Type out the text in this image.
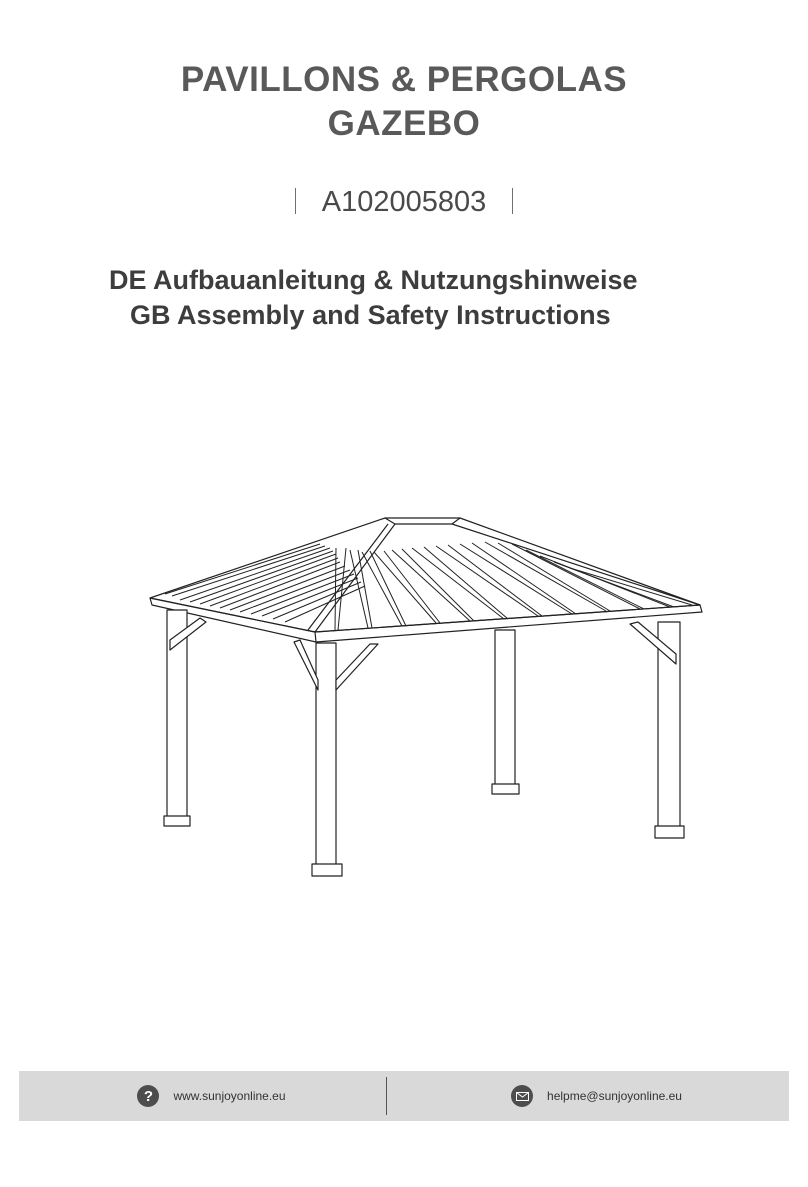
PAVILLONS & PERGOLAS
GAZEBO
A102005803
DE Aufbauanleitung & Nutzungshinweise
GB Assembly and Safety Instructions
?	www.sunjoyonline.eu	helpme@sunjoyonline.eu
